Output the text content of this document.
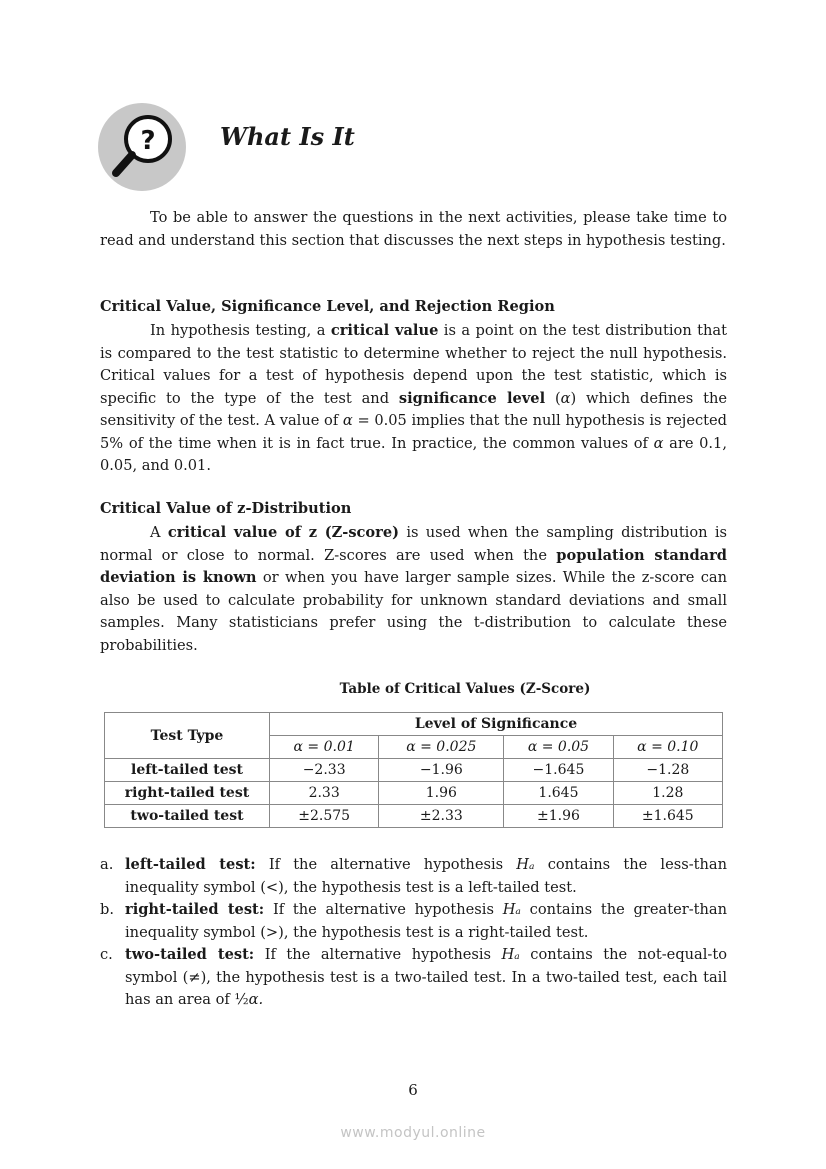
?	What Is It

To be able to answer the questions in the next activities, please take time to read and understand this section that discusses the next steps in hypothesis testing.

Critical Value, Significance Level, and Rejection Region

In hypothesis testing, a critical value is a point on the test distribution that is compared to the test statistic to determine whether to reject the null hypothesis. Critical values for a test of hypothesis depend upon the test statistic, which is specific to the type of the test and significance level (α) which defines the sensitivity of the test. A value of α = 0.05 implies that the null hypothesis is rejected 5% of the time when it is in fact true. In practice, the common values of α are 0.1, 0.05, and 0.01.

Critical Value of z-Distribution

A critical value of z (Z-score) is used when the sampling distribution is normal or close to normal. Z-scores are used when the population standard deviation is known or when you have larger sample sizes. While the z-score can also be used to calculate probability for unknown standard deviations and small samples. Many statisticians prefer using the t-distribution to calculate these probabilities.

Table of Critical Values (Z-Score)
Test Type	Level of Significance			
	α = 0.01	α = 0.025	α = 0.05	α = 0.10
left-tailed test	−2.33	−1.96	−1.645	−1.28
right-tailed test	2.33	1.96	1.645	1.28
two-tailed test	±2.575	±2.33	±1.96	±1.645
a. left-tailed test: If the alternative hypothesis Hₐ contains the less-than inequality symbol (<), the hypothesis test is a left-tailed test.
b. right-tailed test: If the alternative hypothesis Hₐ contains the greater-than inequality symbol (>), the hypothesis test is a right-tailed test.
c. two-tailed test: If the alternative hypothesis Hₐ contains the not-equal-to symbol (≠), the hypothesis test is a two-tailed test. In a two-tailed test, each tail has an area of ½α.
6
www.modyul.online
